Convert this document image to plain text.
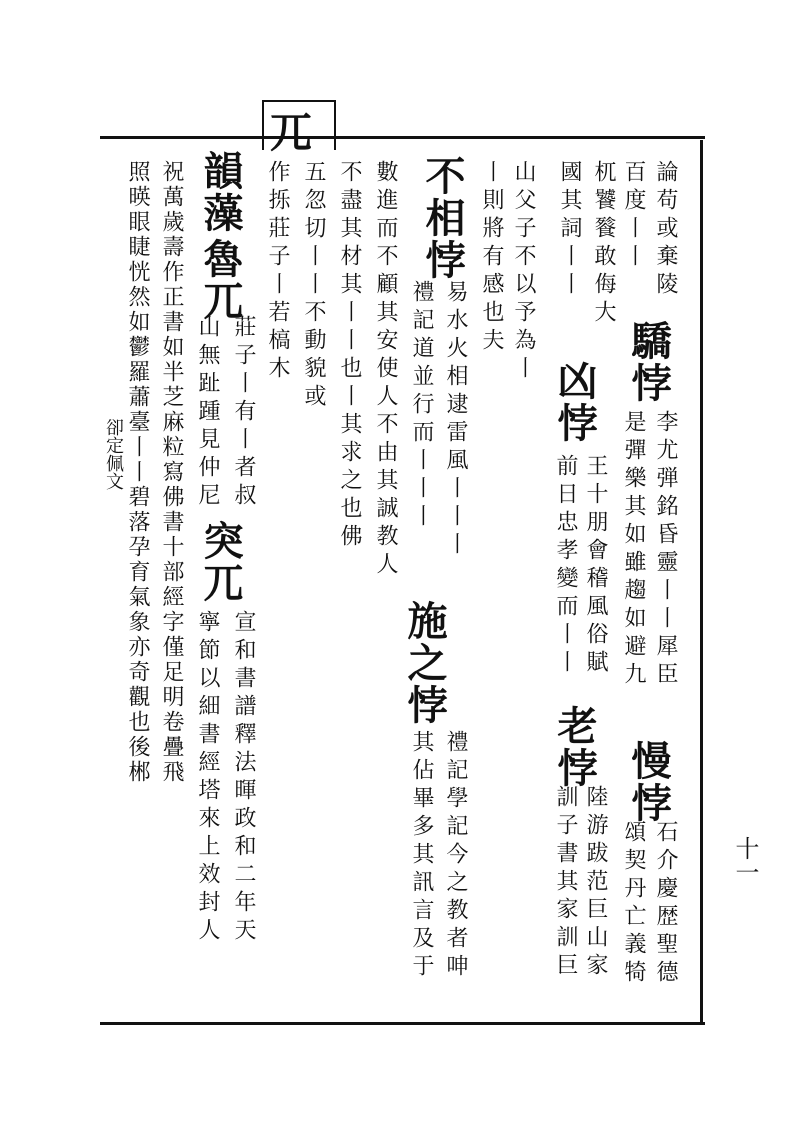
兀
卻定佩文
十一
論苟或棄陵
驕悖
李尤弾銘昏靈丨丨犀臣
慢悖
石介慶歴聖德
百度丨丨
是彈樂其如雖趨如避九
頌契丹亡義犄
杌饕餮敢侮大
凶悖
王十朋會稽風俗賦
老悖
陸游跋范巨山家
國其詞丨丨
前日忠孝變而丨丨
訓子書其家訓巨
山父子不以予為丨
丨則將有感也夫
不相悖
易水火相逮雷風丨丨丨
施之悖
禮記學記今之教者呻
禮記道並行而丨丨丨
其佔畢多其訊言及于
數進而不顧其安使人不由其誠教人
不盡其材其丨丨也丨其求之也佛
五忽切丨丨不動貌或
作㧰莊子丨若槁木
韻藻
魯兀
莊子丨有丨者叔
山無趾踵見仲尼
突兀
宣和書譜釋法暉政和二年天
寧節以細書經塔來上效封人
祝萬歲壽作正書如半芝麻粒寫佛書十部經字僅足明卷疊飛
照暎眼睫恍然如鬱羅蕭臺丨丨碧落孕育氣象亦奇觀也後郴
